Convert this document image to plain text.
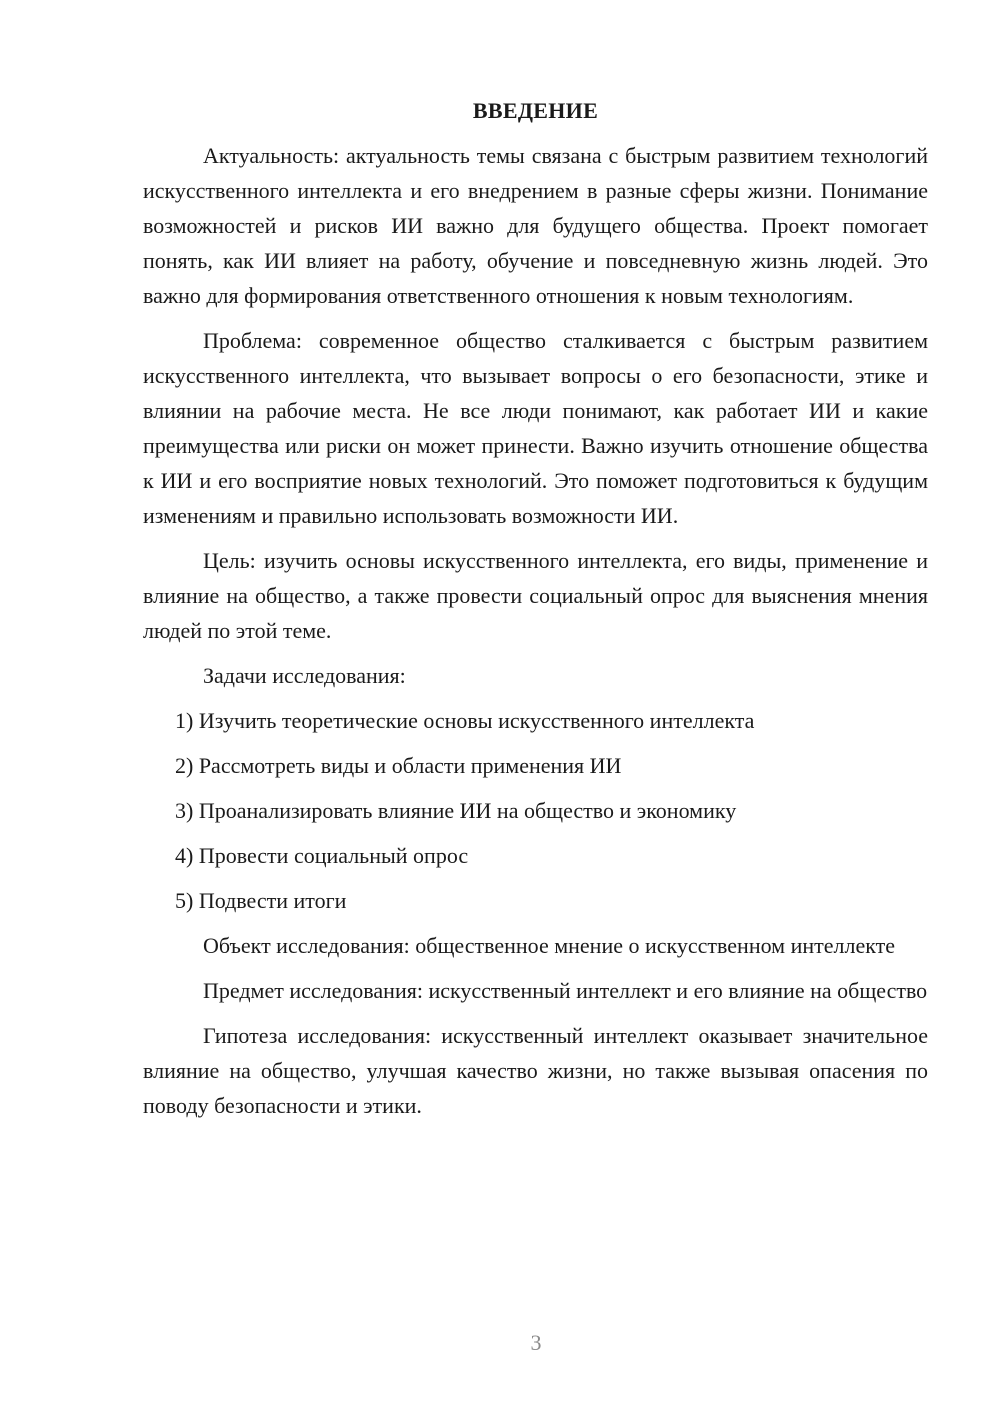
ВВЕДЕНИЕ

Актуальность: актуальность темы связана с быстрым развитием технологий искусственного интеллекта и его внедрением в разные сферы жизни. Понимание возможностей и рисков ИИ важно для будущего общества. Проект помогает понять, как ИИ влияет на работу, обучение и повседневную жизнь людей. Это важно для формирования ответственного отношения к новым технологиям.

Проблема: современное общество сталкивается с быстрым развитием искусственного интеллекта, что вызывает вопросы о его безопасности, этике и влиянии на рабочие места. Не все люди понимают, как работает ИИ и какие преимущества или риски он может принести. Важно изучить отношение общества к ИИ и его восприятие новых технологий. Это поможет подготовиться к будущим изменениям и правильно использовать возможности ИИ.

Цель: изучить основы искусственного интеллекта, его виды, применение и влияние на общество, а также провести социальный опрос для выяснения мнения людей по этой теме.

Задачи исследования:

1) Изучить теоретические основы искусственного интеллекта
2) Рассмотреть виды и области применения ИИ
3) Проанализировать влияние ИИ на общество и экономику
4) Провести социальный опрос
5) Подвести итоги

Объект исследования: общественное мнение о искусственном интеллекте

Предмет исследования: искусственный интеллект и его влияние на общество

Гипотеза исследования: искусственный интеллект оказывает значительное влияние на общество, улучшая качество жизни, но также вызывая опасения по поводу безопасности и этики.

3
